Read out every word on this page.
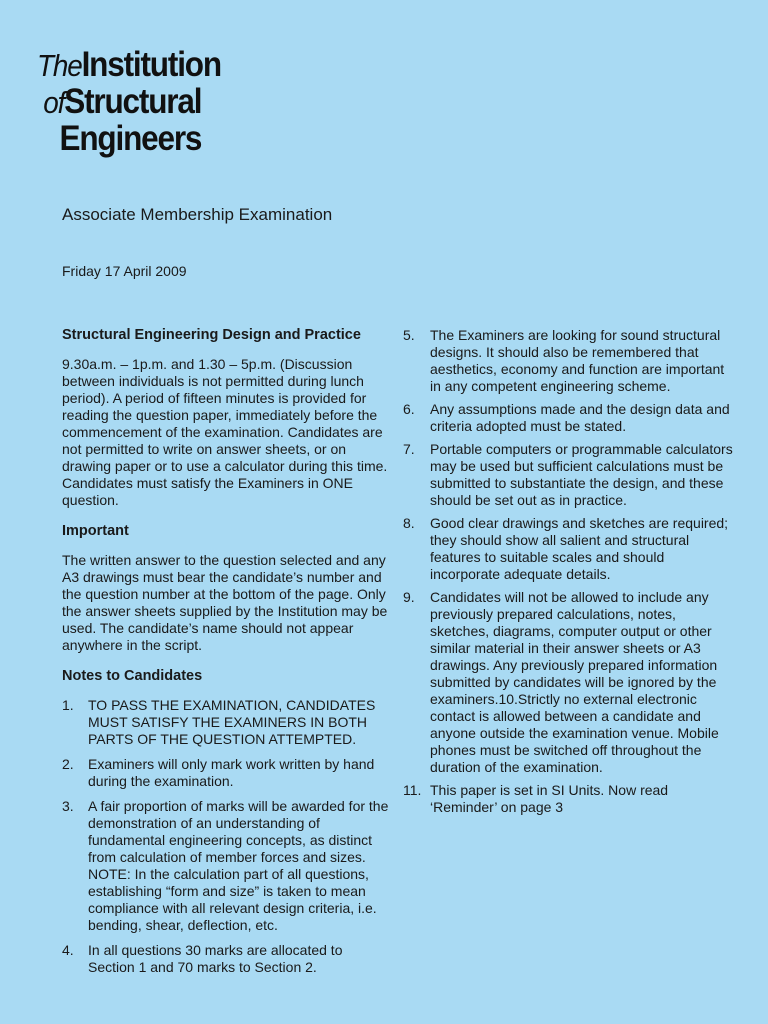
TheInstitution
ofStructural
Engineers
Associate Membership Examination
Friday 17 April 2009
Structural Engineering Design and Practice

9.30a.m. – 1p.m. and 1.30 – 5p.m. (Discussion between individuals is not permitted during lunch period). A period of fifteen minutes is provided for reading the question paper, immediately before the commencement of the examination. Candidates are not permitted to write on answer sheets, or on drawing paper or to use a calculator during this time. Candidates must satisfy the Examiners in ONE question.

Important

The written answer to the question selected and any A3 drawings must bear the candidate’s number and the question number at the bottom of the page. Only the answer sheets supplied by the Institution may be used. The candidate’s name should not appear anywhere in the script.

Notes to Candidates
1. TO PASS THE EXAMINATION, CANDIDATES MUST SATISFY THE EXAMINERS IN BOTH PARTS OF THE QUESTION ATTEMPTED.
2. Examiners will only mark work written by hand during the examination.
3. A fair proportion of marks will be awarded for the demonstration of an understanding of fundamental engineering concepts, as distinct from calculation of member forces and sizes. NOTE: In the calculation part of all questions, establishing “form and size” is taken to mean compliance with all relevant design criteria, i.e. bending, shear, deflection, etc.
4. In all questions 30 marks are allocated to Section 1 and 70 marks to Section 2.
5. The Examiners are looking for sound structural designs. It should also be remembered that aesthetics, economy and function are important in any competent engineering scheme.
6. Any assumptions made and the design data and criteria adopted must be stated.
7. Portable computers or programmable calculators may be used but sufficient calculations must be submitted to substantiate the design, and these should be set out as in practice.
8. Good clear drawings and sketches are required; they should show all salient and structural features to suitable scales and should incorporate adequate details.
9. Candidates will not be allowed to include any previously prepared calculations, notes, sketches, diagrams, computer output or other similar material in their answer sheets or A3 drawings. Any previously prepared information submitted by candidates will be ignored by the examiners.10.Strictly no external electronic contact is allowed between a candidate and anyone outside the examination venue. Mobile phones must be switched off throughout the duration of the examination.
11. This paper is set in SI Units. Now read ‘Reminder’ on page 3
